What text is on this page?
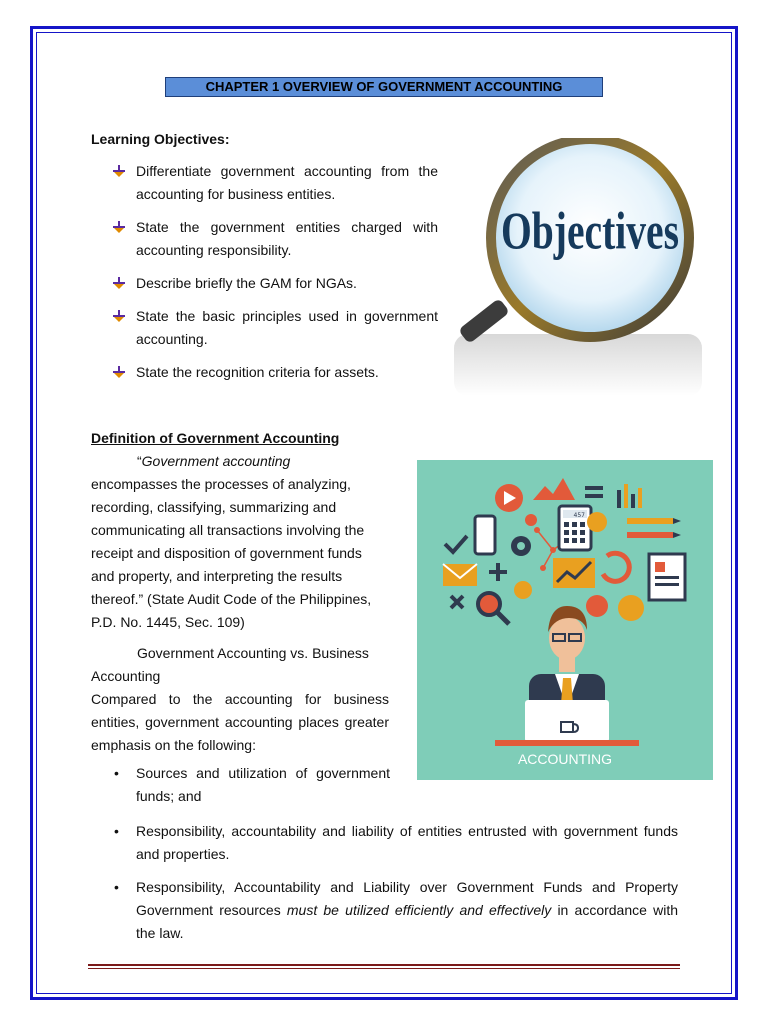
CHAPTER 1 OVERVIEW OF GOVERNMENT ACCOUNTING
Learning Objectives:
Differentiate government accounting from the accounting for business entities.
State the government entities charged with accounting responsibility.
Describe briefly the GAM for NGAs.
State the basic principles used in government accounting.
State the recognition criteria for assets.
Objectives
Definition of Government Accounting

“Government accounting

encompasses the processes of analyzing, recording, classifying, summarizing and communicating all transactions involving the receipt and disposition of government funds and property, and interpreting the results thereof.” (State Audit Code of the Philippines, P.D. No. 1445, Sec. 109)

Government Accounting vs. Business Accounting

Compared to the accounting for business entities, government accounting places greater emphasis on the following:

457
ACCOUNTING
• Sources and utilization of government funds; and
• Responsibility, accountability and liability of entities entrusted with government funds and properties.
• Responsibility, Accountability and Liability over Government Funds and Property Government resources must be utilized efficiently and effectively in accordance with the law.
